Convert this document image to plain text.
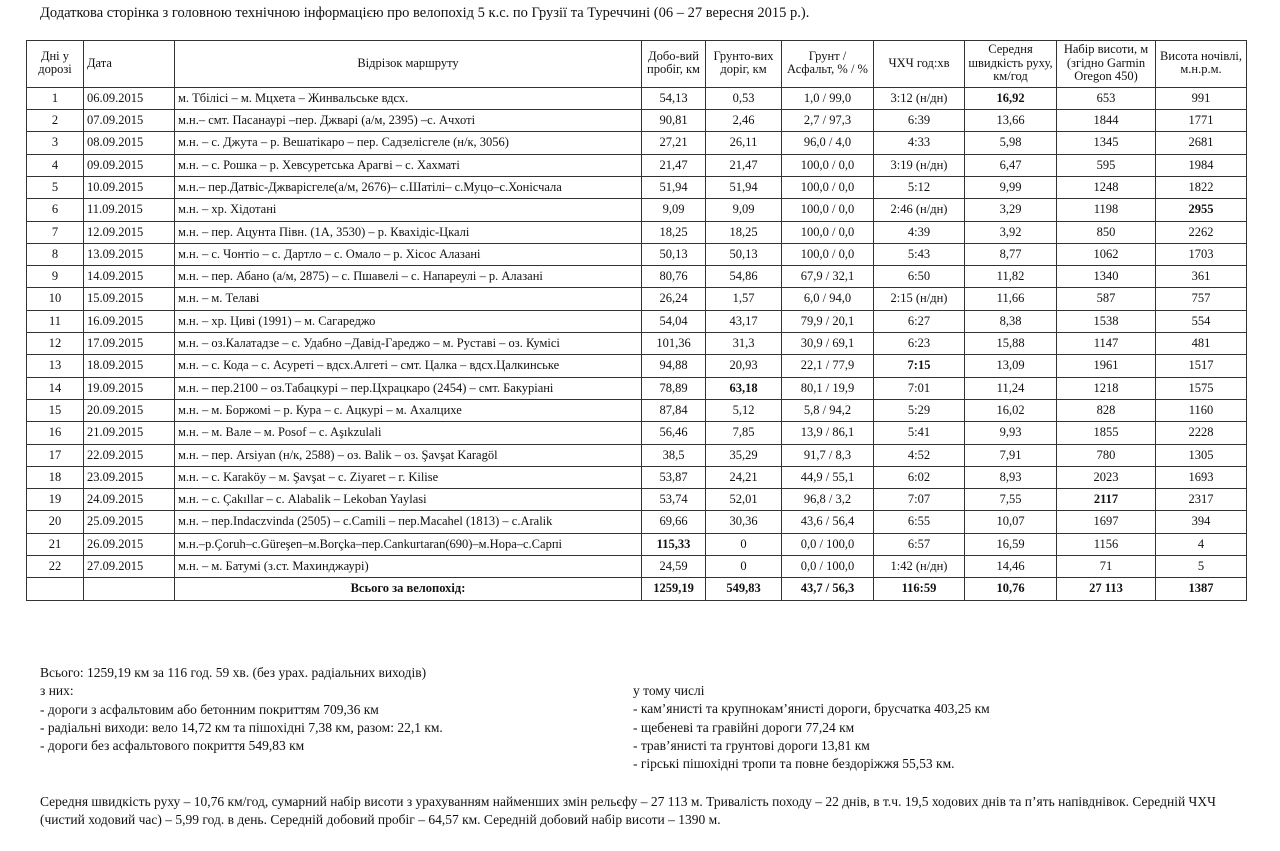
Додаткова сторінка з головною технічною інформацією про велопохід 5 к.с. по Грузії та Туреччині (06 – 27 вересня 2015 р.).
Дні у дорозі	Дата	Відрізок маршруту	Добо-вий пробіг, км	Грунто-вих доріг, км	Грунт / Асфальт, % / %	ЧХЧ год:хв	Середня швидкість руху, км/год	Набір висоти, м (згідно Garmin Oregon 450)	Висота ночівлі, м.н.р.м.
1	06.09.2015	м. Тбілісі – м. Мцхета – Жинвальське вдсх.	54,13	0,53	1,0 / 99,0	3:12 (н/дн)	16,92	653	991
2	07.09.2015	м.н.– смт. Пасанаурі –пер. Джварі (а/м, 2395) –с. Ачхоті	90,81	2,46	2,7 / 97,3	6:39	13,66	1844	1771
3	08.09.2015	м.н. – с. Джута – р. Вешатікаро – пер. Садзелісгеле (н/к, 3056)	27,21	26,11	96,0 / 4,0	4:33	5,98	1345	2681
4	09.09.2015	м.н. – с. Рошка – р. Хевсуретська Арагві – с. Хахматі	21,47	21,47	100,0 / 0,0	3:19 (н/дн)	6,47	595	1984
5	10.09.2015	м.н.– пер.Датвіс-Джварісгеле(а/м, 2676)– с.Шатілі– с.Муцо–с.Хонісчала	51,94	51,94	100,0 / 0,0	5:12	9,99	1248	1822
6	11.09.2015	м.н. – хр. Хідотані	9,09	9,09	100,0 / 0,0	2:46 (н/дн)	3,29	1198	2955
7	12.09.2015	м.н. – пер. Ацунта Півн. (1А, 3530) – р. Кваxідіс-Цкалі	18,25	18,25	100,0 / 0,0	4:39	3,92	850	2262
8	13.09.2015	м.н. – с. Чонтіо – с. Дартло – с. Омало – р. Хісос Алазані	50,13	50,13	100,0 / 0,0	5:43	8,77	1062	1703
9	14.09.2015	м.н. – пер. Абано (а/м, 2875) – с. Пшавелі – с. Напареулі – р. Алазані	80,76	54,86	67,9 / 32,1	6:50	11,82	1340	361
10	15.09.2015	м.н. – м. Телаві	26,24	1,57	6,0 / 94,0	2:15 (н/дн)	11,66	587	757
11	16.09.2015	м.н. – хр. Циві (1991) – м. Сагареджо	54,04	43,17	79,9 / 20,1	6:27	8,38	1538	554
12	17.09.2015	м.н. – оз.Калатадзе – с. Удабно –Давід-Гареджо – м. Руставі – оз. Кумісі	101,36	31,3	30,9 / 69,1	6:23	15,88	1147	481
13	18.09.2015	м.н. – с. Кода – с. Асуреті – вдсх.Алгеті – смт. Цалка – вдсх.Цалкинське	94,88	20,93	22,1 / 77,9	7:15	13,09	1961	1517
14	19.09.2015	м.н. – пер.2100 – оз.Табацкурі – пер.Цхрацкаро (2454) – смт. Бакуріані	78,89	63,18	80,1 / 19,9	7:01	11,24	1218	1575
15	20.09.2015	м.н. – м. Боржомі – р. Кура – с. Ацкурі – м. Ахалцихе	87,84	5,12	5,8 / 94,2	5:29	16,02	828	1160
16	21.09.2015	м.н. – м. Вале – м. Posof – c. Aşıkzulali	56,46	7,85	13,9 / 86,1	5:41	9,93	1855	2228
17	22.09.2015	м.н. – пер. Arsiyan (н/к, 2588) – оз. Balik – оз. Şavşat Karagöl	38,5	35,29	91,7 / 8,3	4:52	7,91	780	1305
18	23.09.2015	м.н. – с. Karaköy – м. Şavşat – c. Ziyaret – г. Kilise	53,87	24,21	44,9 / 55,1	6:02	8,93	2023	1693
19	24.09.2015	м.н. – с. Çakıllar – с. Alabalik – Lekoban Yaylasi	53,74	52,01	96,8 / 3,2	7:07	7,55	2117	2317
20	25.09.2015	м.н. – пер.Indaczvinda (2505) – c.Camili – пер.Macahel (1813) – c.Aralik	69,66	30,36	43,6 / 56,4	6:55	10,07	1697	394
21	26.09.2015	м.н.–р.Çoruh–c.Güreşen–м.Borçka–пер.Cankurtaran(690)–м.Нора–с.Сарпі	115,33	0	0,0 / 100,0	6:57	16,59	1156	4
22	27.09.2015	м.н. – м. Батумі (з.ст. Махинджаурі)	24,59	0	0,0 / 100,0	1:42 (н/дн)	14,46	71	5
		Всього за велопохід:	1259,19	549,83	43,7 / 56,3	116:59	10,76	27 113	1387
Всього: 1259,19 км за 116 год. 59 хв. (без урах. радіальних виходів)
з них:
- дороги з асфальтовим або бетонним покриттям 709,36 км
- радіальні виходи: вело 14,72 км та пішохідні 7,38 км, разом: 22,1 км.
- дороги без асфальтового покриття 549,83 км
у тому числі
- кам’янисті та крупнокам’янисті дороги, брусчатка 403,25 км
- щебеневі та гравійні дороги 77,24 км
- трав’янисті та грунтові дороги 13,81 км
- гірські пішохідні тропи та повне бездоріжжя 55,53 км.
Середня швидкість руху – 10,76 км/год, сумарний набір висоти з урахуванням найменших змін рельєфу – 27 113 м. Тривалість походу – 22 днів, в т.ч. 19,5 ходових днів та п’ять напівднівок. Середній ЧХЧ (чистий ходовий час) – 5,99 год. в день. Середній добовий пробіг – 64,57 км. Середній добовий набір висоти – 1390 м.
